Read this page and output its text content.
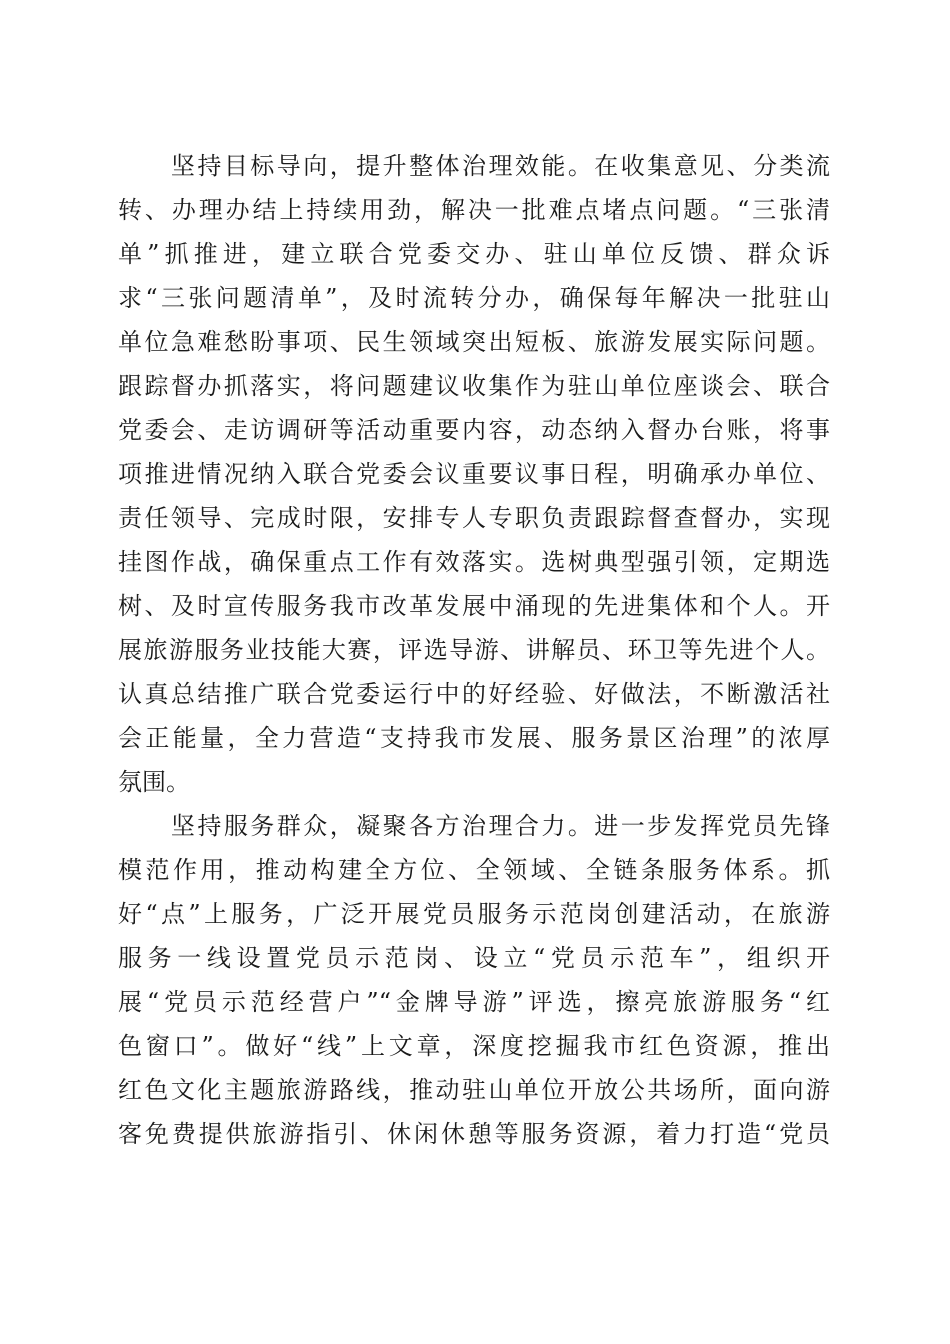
　　坚持目标导向，提升整体治理效能。在收集意见、分类流
转、办理办结上持续用劲，解决一批难点堵点问题。“三张清
单”抓推进，建立联合党委交办、驻山单位反馈、群众诉
求“三张问题清单”，及时流转分办，确保每年解决一批驻山
单位急难愁盼事项、民生领域突出短板、旅游发展实际问题。
跟踪督办抓落实，将问题建议收集作为驻山单位座谈会、联合
党委会、走访调研等活动重要内容，动态纳入督办台账，将事
项推进情况纳入联合党委会议重要议事日程，明确承办单位、
责任领导、完成时限，安排专人专职负责跟踪督查督办，实现
挂图作战，确保重点工作有效落实。选树典型强引领，定期选
树、及时宣传服务我市改革发展中涌现的先进集体和个人。开
展旅游服务业技能大赛，评选导游、讲解员、环卫等先进个人。
认真总结推广联合党委运行中的好经验、好做法，不断激活社
会正能量，全力营造“支持我市发展、服务景区治理”的浓厚
氛围。
　　坚持服务群众，凝聚各方治理合力。进一步发挥党员先锋
模范作用，推动构建全方位、全领域、全链条服务体系。抓
好“点”上服务，广泛开展党员服务示范岗创建活动，在旅游
服务一线设置党员示范岗、设立“党员示范车”，组织开
展“党员示范经营户”“金牌导游”评选，擦亮旅游服务“红
色窗口”。做好“线”上文章，深度挖掘我市红色资源，推出
红色文化主题旅游路线，推动驻山单位开放公共场所，面向游
客免费提供旅游指引、休闲休憩等服务资源，着力打造“党员
